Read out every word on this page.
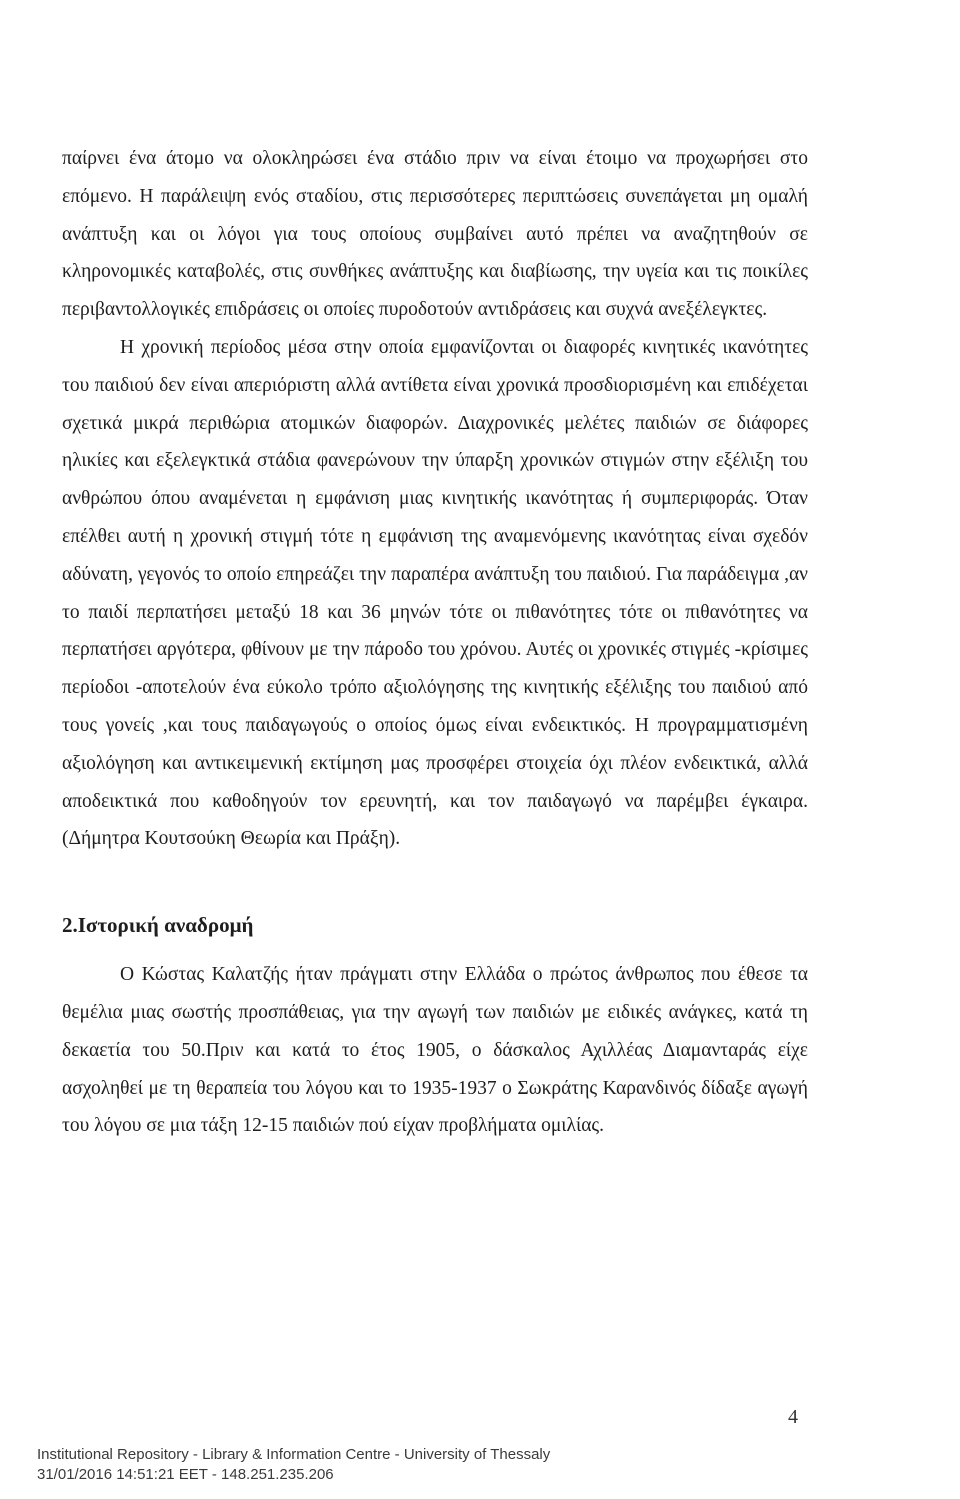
παίρνει ένα άτομο να ολοκληρώσει ένα στάδιο πριν να είναι έτοιμο να προχωρήσει στο επόμενο. Η παράλειψη ενός σταδίου, στις περισσότερες περιπτώσεις συνεπάγεται μη ομαλή ανάπτυξη και οι λόγοι για τους οποίους συμβαίνει αυτό πρέπει να αναζητηθούν σε κληρονομικές καταβολές, στις συνθήκες ανάπτυξης και διαβίωσης, την υγεία και τις ποικίλες περιβαντολλογικές επιδράσεις οι οποίες πυροδοτούν αντιδράσεις και συχνά ανεξέλεγκτες.

Η χρονική περίοδος μέσα στην οποία εμφανίζονται οι διαφορές κινητικές ικανότητες του παιδιού δεν είναι απεριόριστη αλλά αντίθετα είναι χρονικά προσδιορισμένη και επιδέχεται σχετικά μικρά περιθώρια ατομικών διαφορών. Διαχρονικές μελέτες παιδιών σε διάφορες ηλικίες και εξελεγκτικά στάδια φανερώνουν την ύπαρξη χρονικών στιγμών στην εξέλιξη του ανθρώπου όπου αναμένεται η εμφάνιση μιας κινητικής ικανότητας ή συμπεριφοράς. Όταν επέλθει αυτή η χρονική στιγμή τότε η εμφάνιση της αναμενόμενης ικανότητας είναι σχεδόν αδύνατη, γεγονός το οποίο επηρεάζει την παραπέρα ανάπτυξη του παιδιού. Για παράδειγμα ,αν το παιδί περπατήσει μεταξύ 18 και 36 μηνών τότε οι πιθανότητες τότε οι πιθανότητες να περπατήσει αργότερα, φθίνουν με την πάροδο του χρόνου. Αυτές οι χρονικές στιγμές -κρίσιμες περίοδοι -αποτελούν ένα εύκολο τρόπο αξιολόγησης της κινητικής εξέλιξης του παιδιού από τους γονείς ,και τους παιδαγωγούς ο οποίος όμως είναι ενδεικτικός. Η προγραμματισμένη αξιολόγηση και αντικειμενική εκτίμηση μας προσφέρει στοιχεία όχι πλέον ενδεικτικά, αλλά αποδεικτικά που καθοδηγούν τον ερευνητή, και τον παιδαγωγό να παρέμβει έγκαιρα. (Δήμητρα Κουτσούκη Θεωρία και Πράξη).

2.Ιστορική αναδρομή

Ο Κώστας Καλατζής ήταν πράγματι στην Ελλάδα ο πρώτος άνθρωπος που έθεσε τα θεμέλια μιας σωστής προσπάθειας, για την αγωγή των παιδιών με ειδικές ανάγκες, κατά τη δεκαετία του 50.Πριν και κατά το έτος 1905, ο δάσκαλος Αχιλλέας Διαμανταράς είχε ασχοληθεί με τη θεραπεία του λόγου και το 1935-1937 ο Σωκράτης Καρανδινός δίδαξε αγωγή του λόγου σε μια τάξη 12-15 παιδιών πού είχαν προβλήματα ομιλίας.

4
Institutional Repository - Library & Information Centre - University of Thessaly
31/01/2016 14:51:21 EET - 148.251.235.206
